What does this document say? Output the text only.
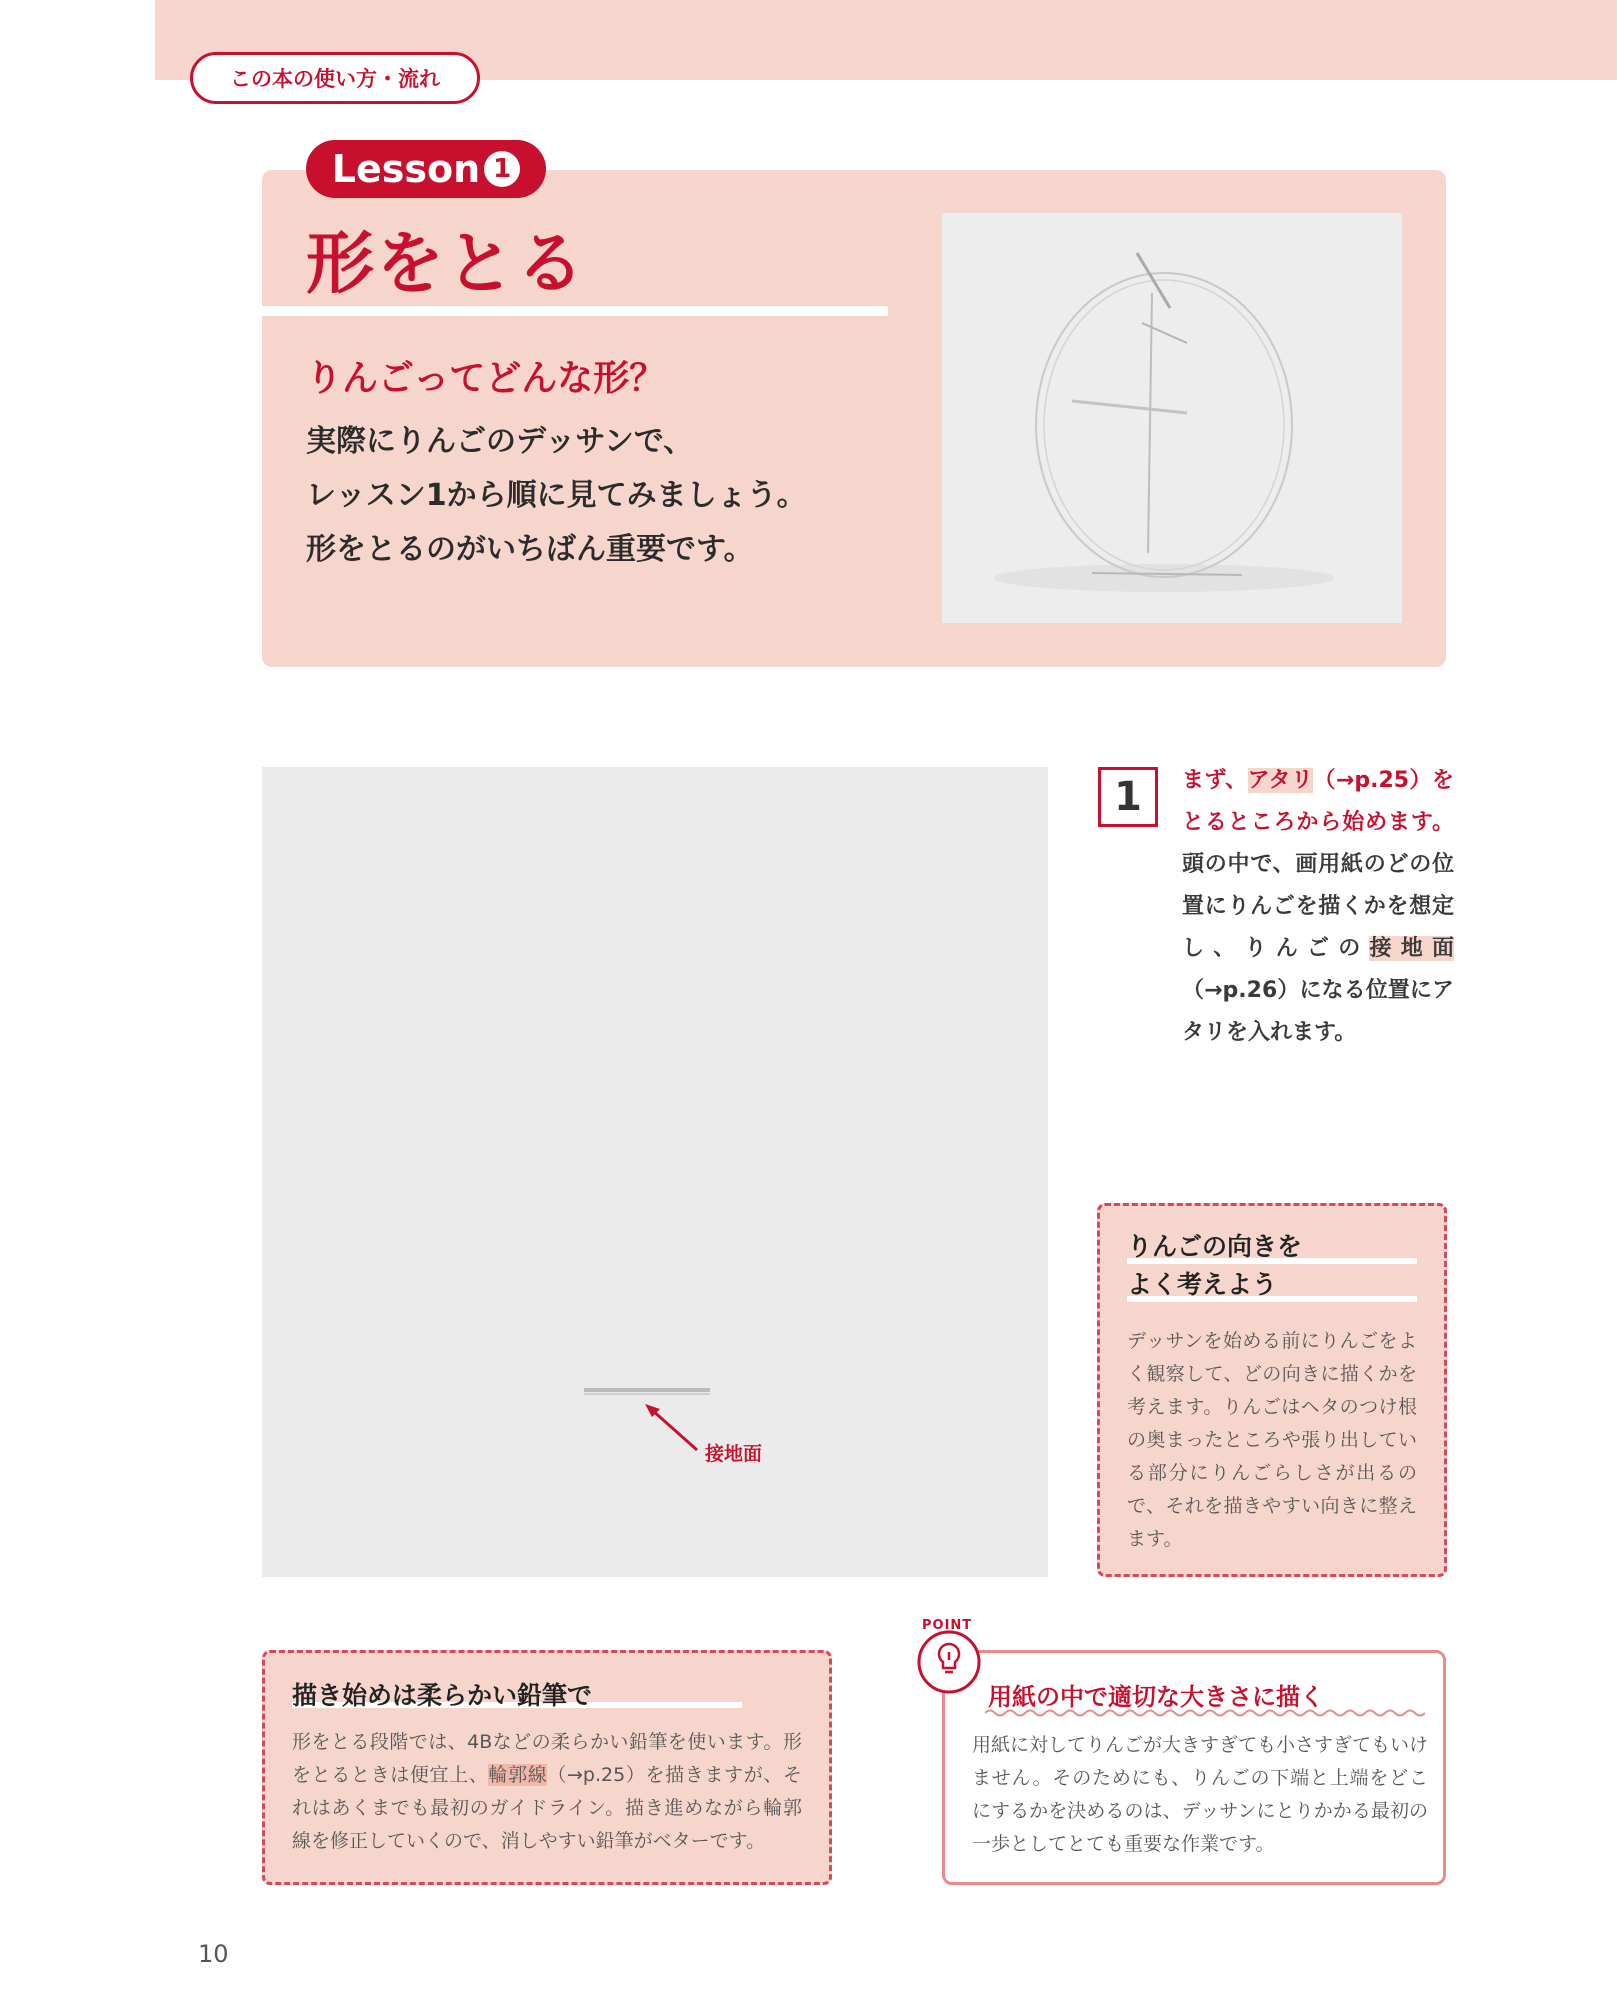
この本の使い方・流れ
Lesson 1
形をとる
りんごってどんな形？
実際にりんごのデッサンで、
レッスン1から順に見てみましょう。
形をとるのがいちばん重要です。
接地面
1	まず、アタリ（→p.25）をとるところから始めます。頭の中で、画用紙のどの位置にりんごを描くかを想定し、りんごの接地面（→p.26）になる位置にアタリを入れます。
りんごの向きを
よく考えよう
デッサンを始める前にりんごをよく観察して、どの向きに描くかを考えます。りんごはヘタのつけ根の奥まったところや張り出している部分にりんごらしさが出るので、それを描きやすい向きに整えます。
描き始めは柔らかい鉛筆で
形をとる段階では、4Bなどの柔らかい鉛筆を使います。形をとるときは便宜上、輪郭線（→p.25）を描きますが、それはあくまでも最初のガイドライン。描き進めながら輪郭線を修正していくので、消しやすい鉛筆がベターです。
POINT
用紙の中で適切な大きさに描く
用紙に対してりんごが大きすぎても小さすぎてもいけません。そのためにも、りんごの下端と上端をどこにするかを決めるのは、デッサンにとりかかる最初の一歩としてとても重要な作業です。
10
